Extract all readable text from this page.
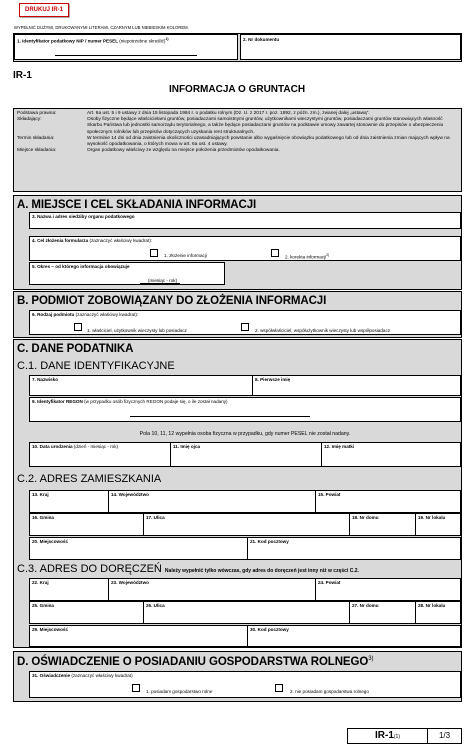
DRUKUJ IR-1
WYPEŁNIĆ DUŻYMI, DRUKOWANYMI LITERAMI, CZARNYM LUB NIEBIESKIM KOLOREM.
1. Identyfikator podatkowy NIP / numer PESEL (niepotrzebne skreślić)$^{1)}$	2. Nr dokumentu
IR-1
INFORMACJA O GRUNTACH
Podstawa prawna:	Art. 6a ust. 5 i 9 ustawy z dnia 15 listopada 1984 r. o podatku rolnym (Dz. U. z 2017 r. poz. 1892, z późn. zm.), zwanej dalej „ustawą”.
Składający:	Osoby fizyczne będące właścicielami gruntów, posiadaczami samoistnymi gruntów, użytkownikami wieczystymi gruntów, posiadaczami gruntów stanowiących własność Skarbu Państwa lub jednostki samorządu terytorialnego, a także będące posiadaczami gruntów na podstawie umowy zawartej stosownie do przepisów o ubezpieczeniu społecznym rolników lub przepisów dotyczących uzyskania rent strukturalnych.
Termin składania:	W terminie 14 dni od dnia zaistnienia okoliczności uzasadniających powstanie albo wygaśnięcie obowiązku podatkowego lub od dnia zaistnienia zmian mających wpływ na wysokość opodatkowania, o których mowa w art. 6a ust. 4 ustawy.
Miejsce składania:	Organ podatkowy właściwy ze względu na miejsce położenia przedmiotów opodatkowania.
A. MIEJSCE I CEL SKŁADANIA INFORMACJI
3. Nazwa i adres siedziby organu podatkowego
4. Cel złożenia formularza (zaznaczyć właściwy kwadrat):
1. złożenie informacji	2. korekta informacji$^{2)}$
5. Okres – od którego informacja obowiązuje
(miesiąc - rok)
B. PODMIOT ZOBOWIĄZANY DO ZŁOŻENIA INFORMACJI
6. Rodzaj podmiotu (zaznaczyć właściwy kwadrat):
1. właściciel, użytkownik wieczysty lub posiadacz	2. współwłaściciel, współużytkownik wieczysty lub współposiadacz
C. DANE PODATNIKA
C.1. DANE IDENTYFIKACYJNE
C.2. ADRES ZAMIESZKANIA
C.3. ADRES DO DORĘCZEŃ Należy wypełnić tylko wówczas, gdy adres do doręczeń jest inny niż w części C.2.
7. Nazwisko	8. Pierwsze imię
9. Identyfikator REGON (w przypadku osób fizycznych REGON podaje się, o ile został nadany)
Pola 10, 11, 12 wypełnia osoba fizyczna w przypadku, gdy numer PESEL nie został nadany.
10. Data urodzenia (dzień - miesiąc - rok)	11. Imię ojca	12. Imię matki
13. Kraj	14. Województwo	15. Powiat
16. Gmina	17. Ulica	18. Nr domu	19. Nr lokalu
20. Miejscowość	21. Kod pocztowy
22. Kraj	23. Województwo	24. Powiat
25. Gmina	26. Ulica	27. Nr domu	28. Nr lokalu
29. Miejscowość	30. Kod pocztowy
D. OŚWIADCZENIE O POSIADANIU GOSPODARSTWA ROLNEGO$^{3)}$
31. Oświadczenie (zaznaczyć właściwy kwadrat)
1. posiadam gospodarstwo rolne	2. nie posiadam gospodarstwa rolnego
IR-1(1)	1/3
